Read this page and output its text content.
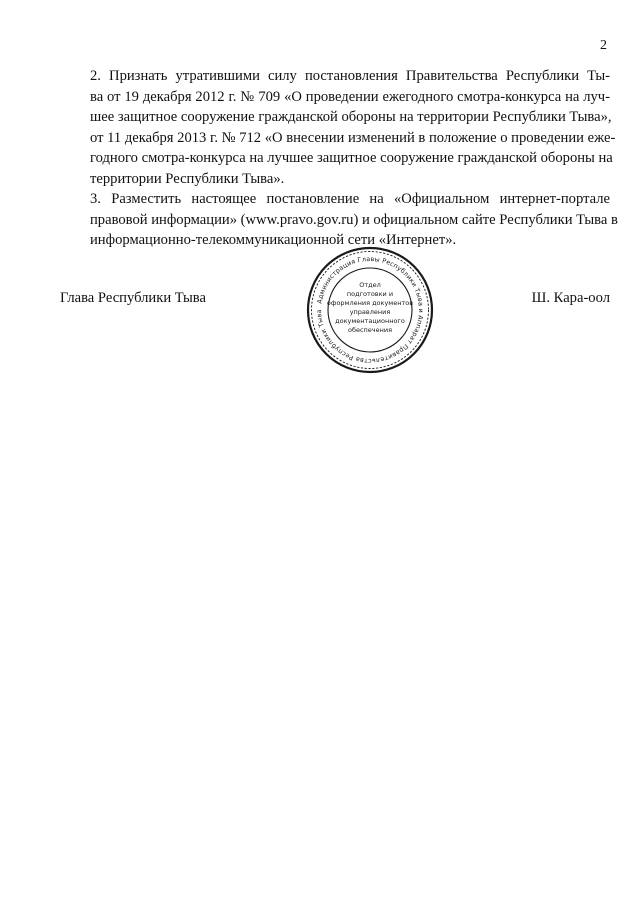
2

2. Признать утратившими силу постановления Правительства Республики Ты-
ва от 19 декабря 2012 г. № 709 «О проведении ежегодного смотра-конкурса на луч-
шее защитное сооружение гражданской обороны на территории Республики Тыва»,
от 11 декабря 2013 г. № 712 «О внесении изменений в положение о проведении еже-
годного смотра-конкурса на лучшее защитное сооружение гражданской обороны на
территории Республики Тыва».

3. Разместить настоящее постановление на «Официальном интернет-портале
правовой информации» (www.pravo.gov.ru) и официальном сайте Республики Тыва в
информационно-телекоммуникационной сети «Интернет».

Глава Республики Тыва	Ш. Кара-оол
Администрация Главы Республики Тыва и Аппарат Правительства Республики Тыва
Отдел
подготовки и
оформления документов
управления
документационного
обеспечения
